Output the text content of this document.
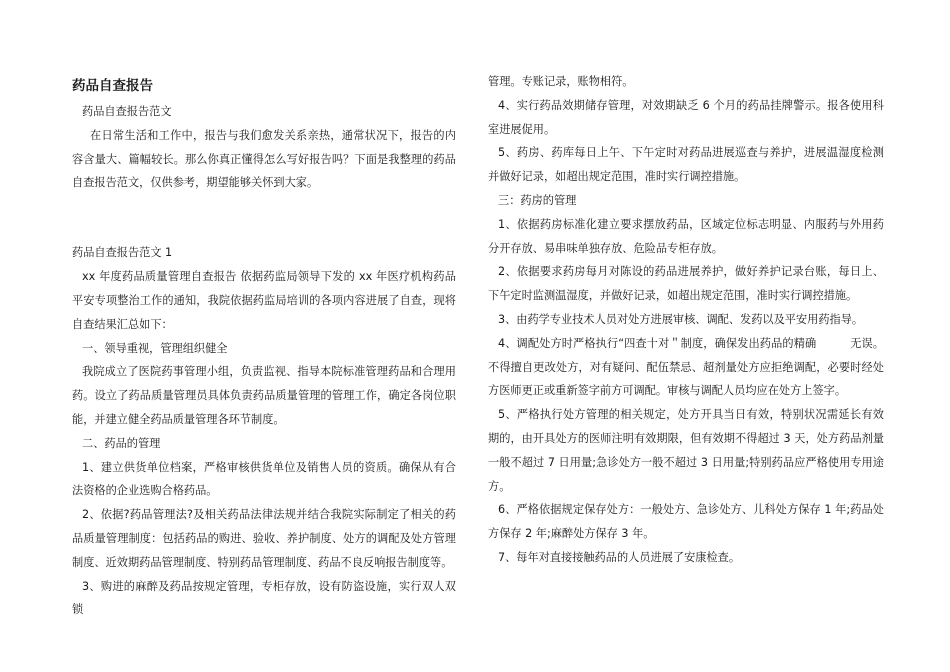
药品自查报告

药品自查报告范文

在日常生活和工作中，报告与我们愈发关系亲热，通常状况下，报告的内容含量大、篇幅较长。那么你真正懂得怎么写好报告吗？下面是我整理的药品自查报告范文，仅供参考，期望能够关怀到大家。

药品自查报告范文 1

xx 年度药品质量管理自查报告 依据药监局领导下发的 xx 年医疗机构药品平安专项整治工作的通知，我院依据药监局培训的各项内容进展了自查，现将自查结果汇总如下：

一、领导重视，管理组织健全

我院成立了医院药事管理小组，负责监视、指导本院标准管理药品和合理用药。设立了药品质量管理员具体负责药品质量管理的管理工作，确定各岗位职能，并建立健全药品质量管理各环节制度。

二、药品的管理

1、建立供货单位档案，严格审核供货单位及销售人员的资质。确保从有合法资格的企业选购合格药品。

2、依据?药品管理法?及相关药品法律法规并结合我院实际制定了相关的药品质量管理制度：包括药品的购进、验收、养护制度、处方的调配及处方管理制度、近效期药品管理制度、特别药品管理制度、药品不良反响报告制度等。

3、购进的麻醉及药品按规定管理，专柜存放，设有防盗设施，实行双人双锁

管理。专账记录，账物相符。

4、实行药品效期储存管理，对效期缺乏 6 个月的药品挂牌警示。报各使用科室进展促用。

5、药房、药库每日上午、下午定时对药品进展巡查与养护，进展温湿度检测并做好记录，如超出规定范围，准时实行调控措施。

三：药房的管理

1、依据药房标准化建立要求摆放药品，区域定位标志明显、内服药与外用药分开存放、易串味单独存放、危险品专柜存放。

2、依据要求药房每月对陈设的药品进展养护，做好养护记录台账，每日上、下午定时监测温湿度，并做好记录，如超出规定范围，准时实行调控措施。

3、由药学专业技术人员对处方进展审核、调配、发药以及平安用药指导。

4、调配处方时严格执行“四查十对＂制度，确保发出药品的精确　　　无误。不得擅自更改处方，对有疑问、配伍禁忌、超剂量处方应拒绝调配，必要时经处方医师更正或重新签字前方可调配。审核与调配人员均应在处方上签字。

5、严格执行处方管理的相关规定，处方开具当日有效，特别状况需延长有效期的，由开具处方的医师注明有效期限，但有效期不得超过 3 天，处方药品剂量一般不超过 7 日用量;急诊处方一般不超过 3 日用量;特别药品应严格使用专用途方。

6、严格依据规定保存处方：一般处方、急诊处方、儿科处方保存 1 年;药品处方保存 2 年;麻醉处方保存 3 年。

7、每年对直接接触药品的人员进展了安康检查。
